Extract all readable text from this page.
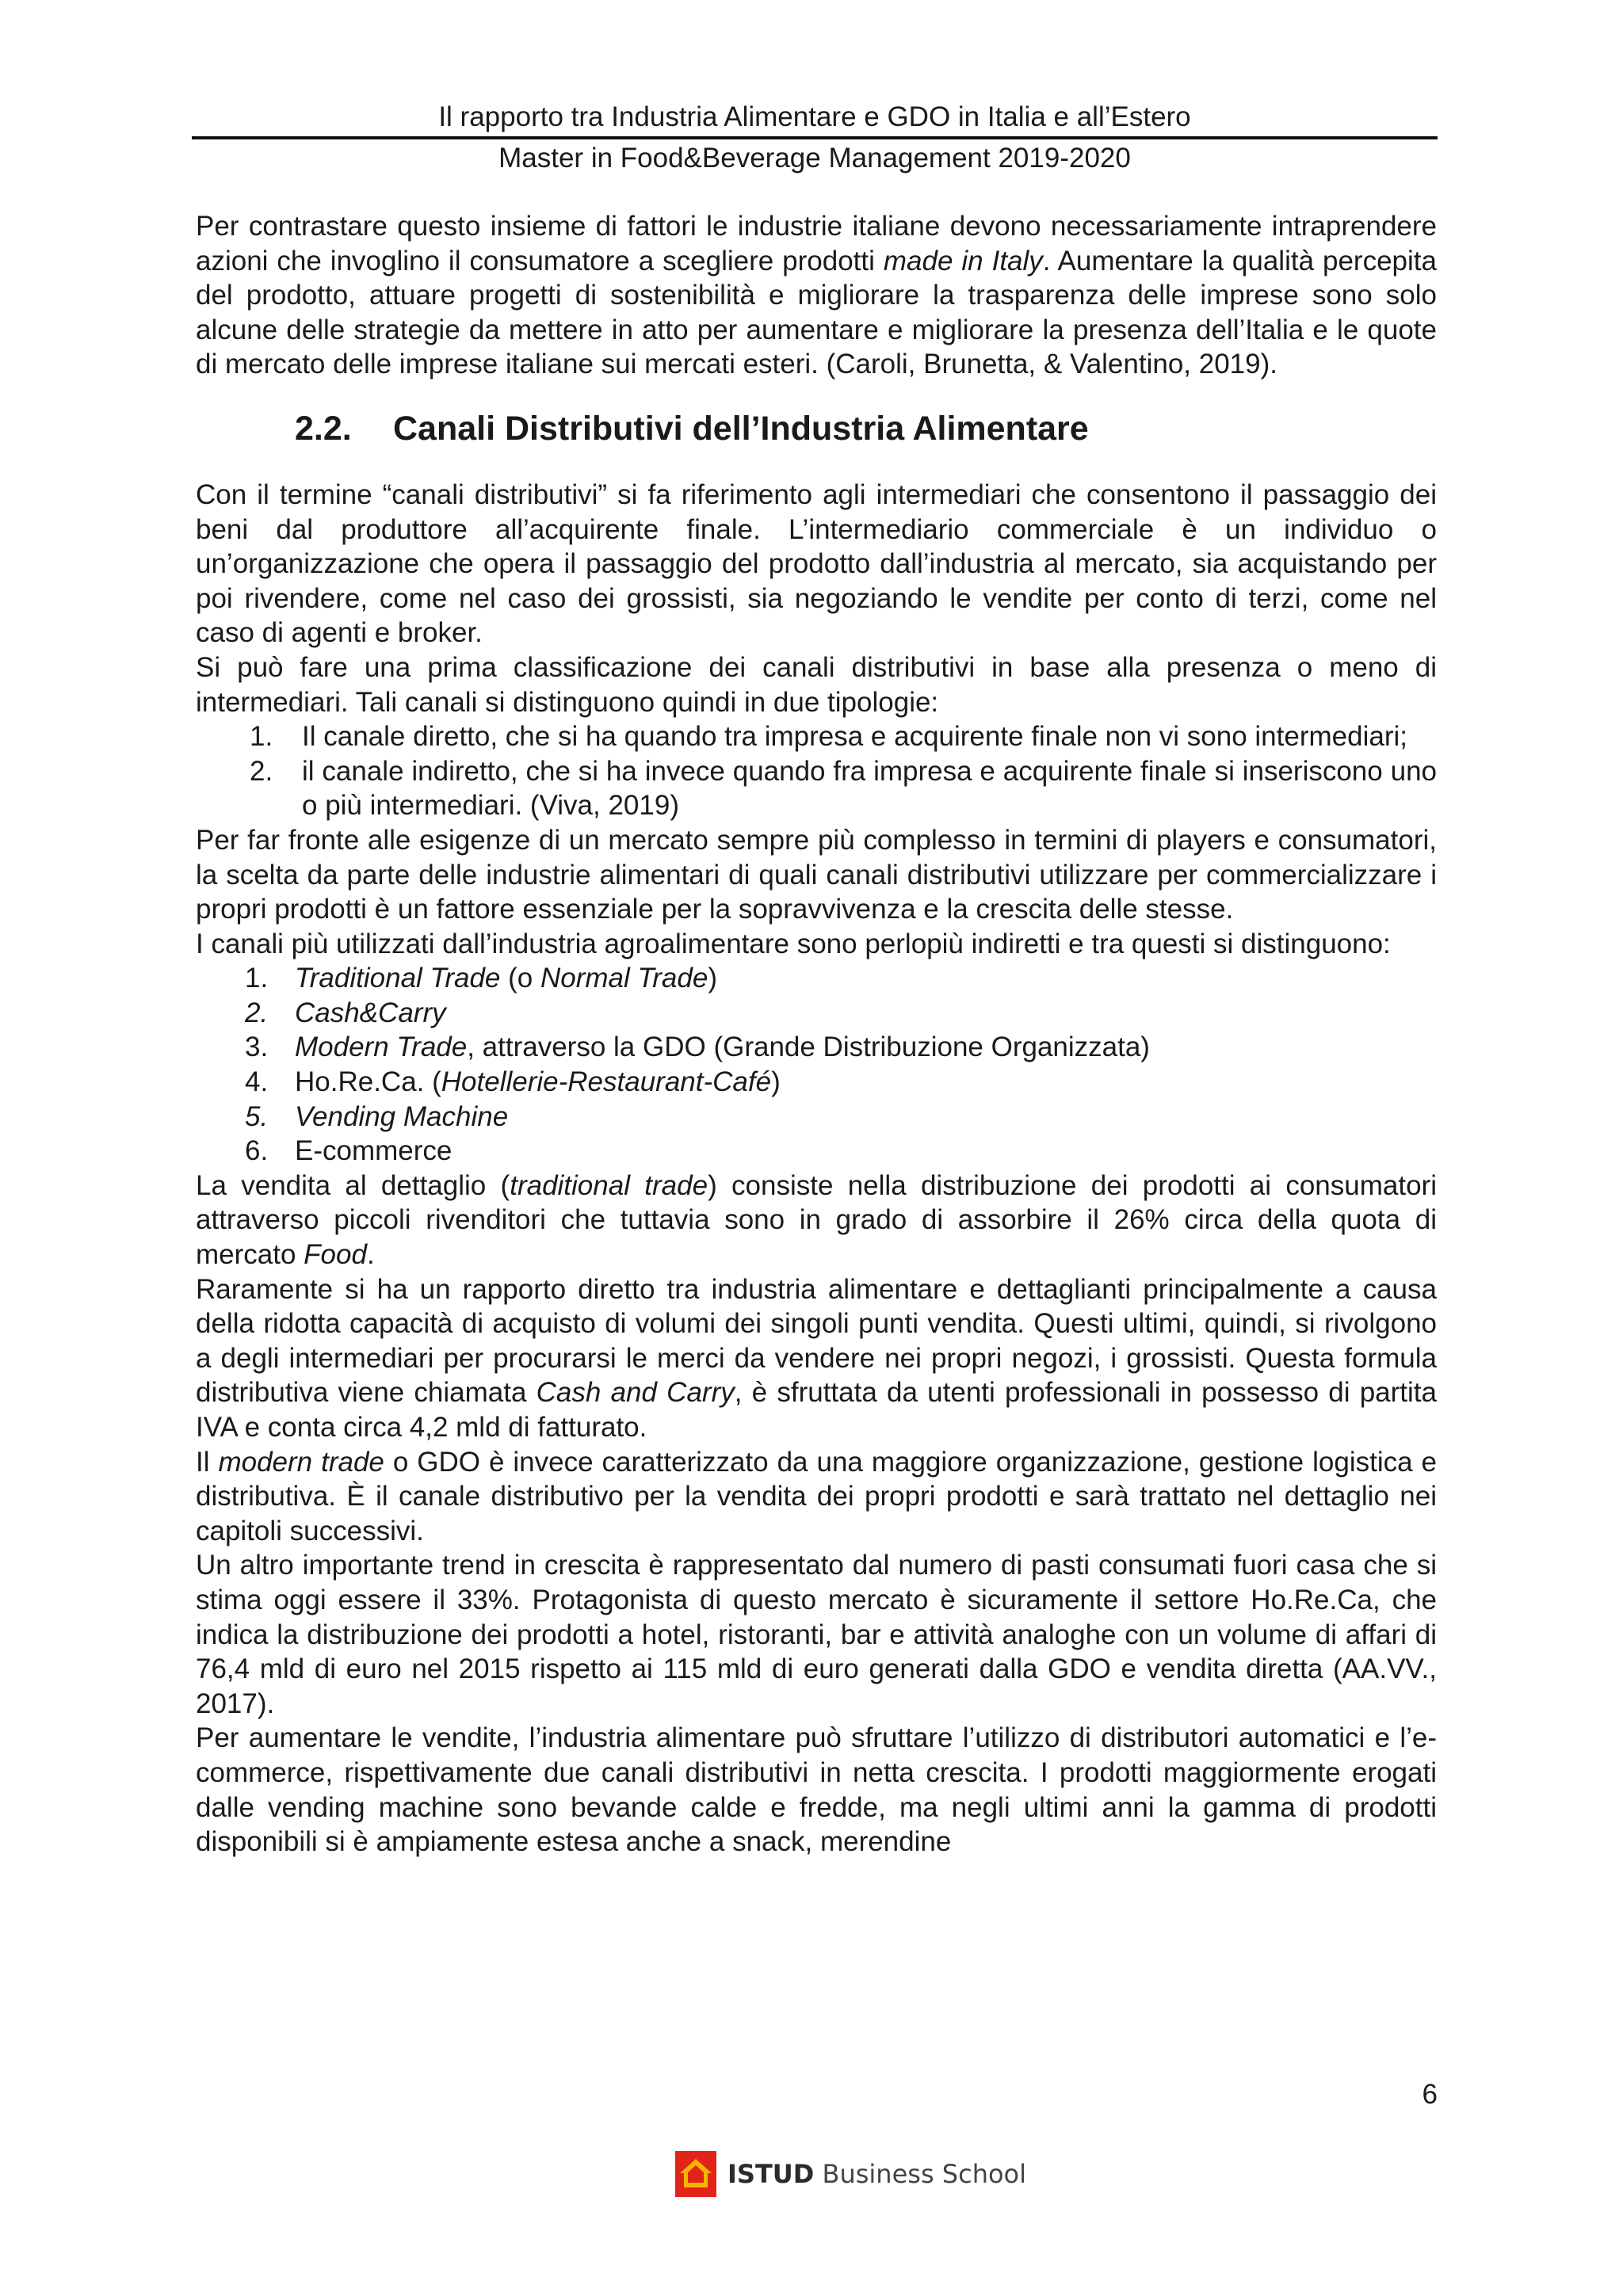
Il rapporto tra Industria Alimentare e GDO in Italia e all’Estero
Master in Food&Beverage Management 2019-2020

Per contrastare questo insieme di fattori le industrie italiane devono necessariamente intraprendere azioni che invoglino il consumatore a scegliere prodotti made in Italy. Aumentare la qualità percepita del prodotto, attuare progetti di sostenibilità e migliorare la trasparenza delle imprese sono solo alcune delle strategie da mettere in atto per aumentare e migliorare la presenza dell’Italia e le quote di mercato delle imprese italiane sui mercati esteri. (Caroli, Brunetta, & Valentino, 2019).

2.2. Canali Distributivi dell’Industria Alimentare

Con il termine “canali distributivi” si fa riferimento agli intermediari che consentono il passaggio dei beni dal produttore all’acquirente finale. L’intermediario commerciale è un individuo o un’organizzazione che opera il passaggio del prodotto dall’industria al mercato, sia acquistando per poi rivendere, come nel caso dei grossisti, sia negoziando le vendite per conto di terzi, come nel caso di agenti e broker.

Si può fare una prima classificazione dei canali distributivi in base alla presenza o meno di intermediari. Tali canali si distinguono quindi in due tipologie:

1. Il canale diretto, che si ha quando tra impresa e acquirente finale non vi sono intermediari;
2. il canale indiretto, che si ha invece quando fra impresa e acquirente finale si inseriscono uno o più intermediari. (Viva, 2019)

Per far fronte alle esigenze di un mercato sempre più complesso in termini di players e consumatori, la scelta da parte delle industrie alimentari di quali canali distributivi utilizzare per commercializzare i propri prodotti è un fattore essenziale per la sopravvivenza e la crescita delle stesse.

I canali più utilizzati dall’industria agroalimentare sono perlopiù indiretti e tra questi si distinguono:

1. Traditional Trade (o Normal Trade)
2. Cash&Carry
3. Modern Trade, attraverso la GDO (Grande Distribuzione Organizzata)
4. Ho.Re.Ca. (Hotellerie-Restaurant-Café)
5. Vending Machine
6. E-commerce

La vendita al dettaglio (traditional trade) consiste nella distribuzione dei prodotti ai consumatori attraverso piccoli rivenditori che tuttavia sono in grado di assorbire il 26% circa della quota di mercato Food.

Raramente si ha un rapporto diretto tra industria alimentare e dettaglianti principalmente a causa della ridotta capacità di acquisto di volumi dei singoli punti vendita. Questi ultimi, quindi, si rivolgono a degli intermediari per procurarsi le merci da vendere nei propri negozi, i grossisti. Questa formula distributiva viene chiamata Cash and Carry, è sfruttata da utenti professionali in possesso di partita IVA e conta circa 4,2 mld di fatturato.

Il modern trade o GDO è invece caratterizzato da una maggiore organizzazione, gestione logistica e distributiva. È il canale distributivo per la vendita dei propri prodotti e sarà trattato nel dettaglio nei capitoli successivi.

Un altro importante trend in crescita è rappresentato dal numero di pasti consumati fuori casa che si stima oggi essere il 33%. Protagonista di questo mercato è sicuramente il settore Ho.Re.Ca, che indica la distribuzione dei prodotti a hotel, ristoranti, bar e attività analoghe con un volume di affari di 76,4 mld di euro nel 2015 rispetto ai 115 mld di euro generati dalla GDO e vendita diretta (AA.VV., 2017).

Per aumentare le vendite, l’industria alimentare può sfruttare l’utilizzo di distributori automatici e l’e-commerce, rispettivamente due canali distributivi in netta crescita. I prodotti maggiormente erogati dalle vending machine sono bevande calde e fredde, ma negli ultimi anni la gamma di prodotti disponibili si è ampiamente estesa anche a snack, merendine

6
ISTUD Business School
